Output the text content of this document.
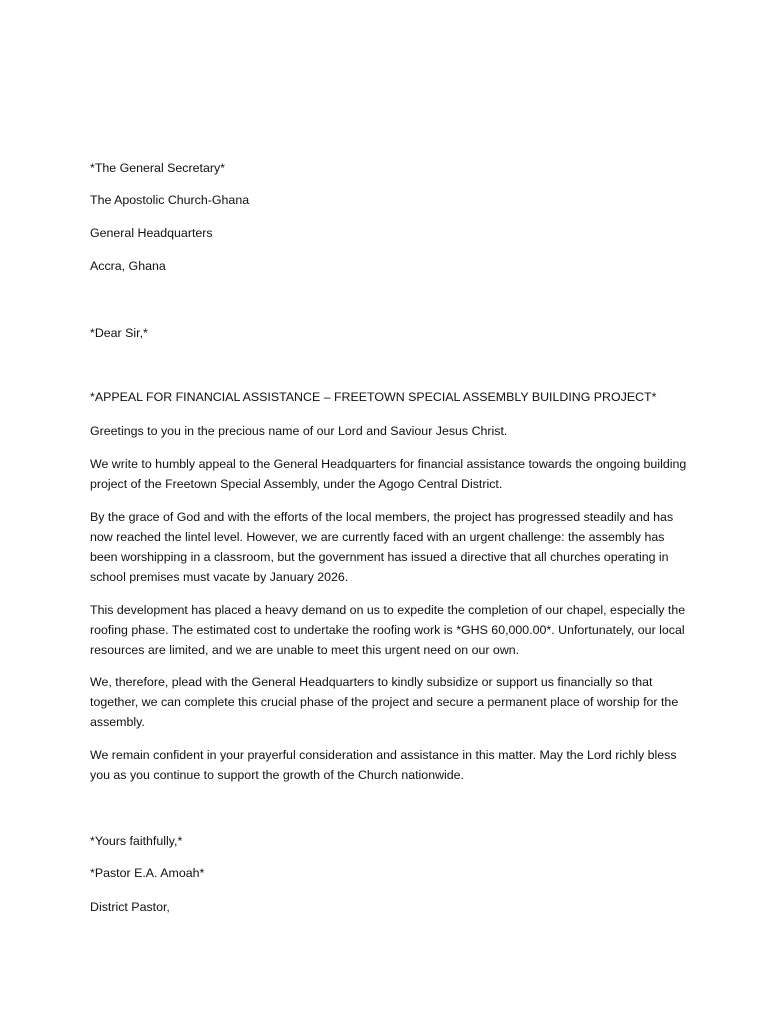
*The General Secretary*
The Apostolic Church-Ghana
General Headquarters
Accra, Ghana
*Dear Sir,*
*APPEAL FOR FINANCIAL ASSISTANCE – FREETOWN SPECIAL ASSEMBLY BUILDING PROJECT*
Greetings to you in the precious name of our Lord and Saviour Jesus Christ.
We write to humbly appeal to the General Headquarters for financial assistance towards the ongoing building project of the Freetown Special Assembly, under the Agogo Central District.
By the grace of God and with the efforts of the local members, the project has progressed steadily and has now reached the lintel level. However, we are currently faced with an urgent challenge: the assembly has been worshipping in a classroom, but the government has issued a directive that all churches operating in school premises must vacate by January 2026.
This development has placed a heavy demand on us to expedite the completion of our chapel, especially the roofing phase. The estimated cost to undertake the roofing work is *GHS 60,000.00*. Unfortunately, our local resources are limited, and we are unable to meet this urgent need on our own.
We, therefore, plead with the General Headquarters to kindly subsidize or support us financially so that together, we can complete this crucial phase of the project and secure a permanent place of worship for the assembly.
We remain confident in your prayerful consideration and assistance in this matter. May the Lord richly bless you as you continue to support the growth of the Church nationwide.
*Yours faithfully,*
*Pastor E.A. Amoah*
District Pastor,
